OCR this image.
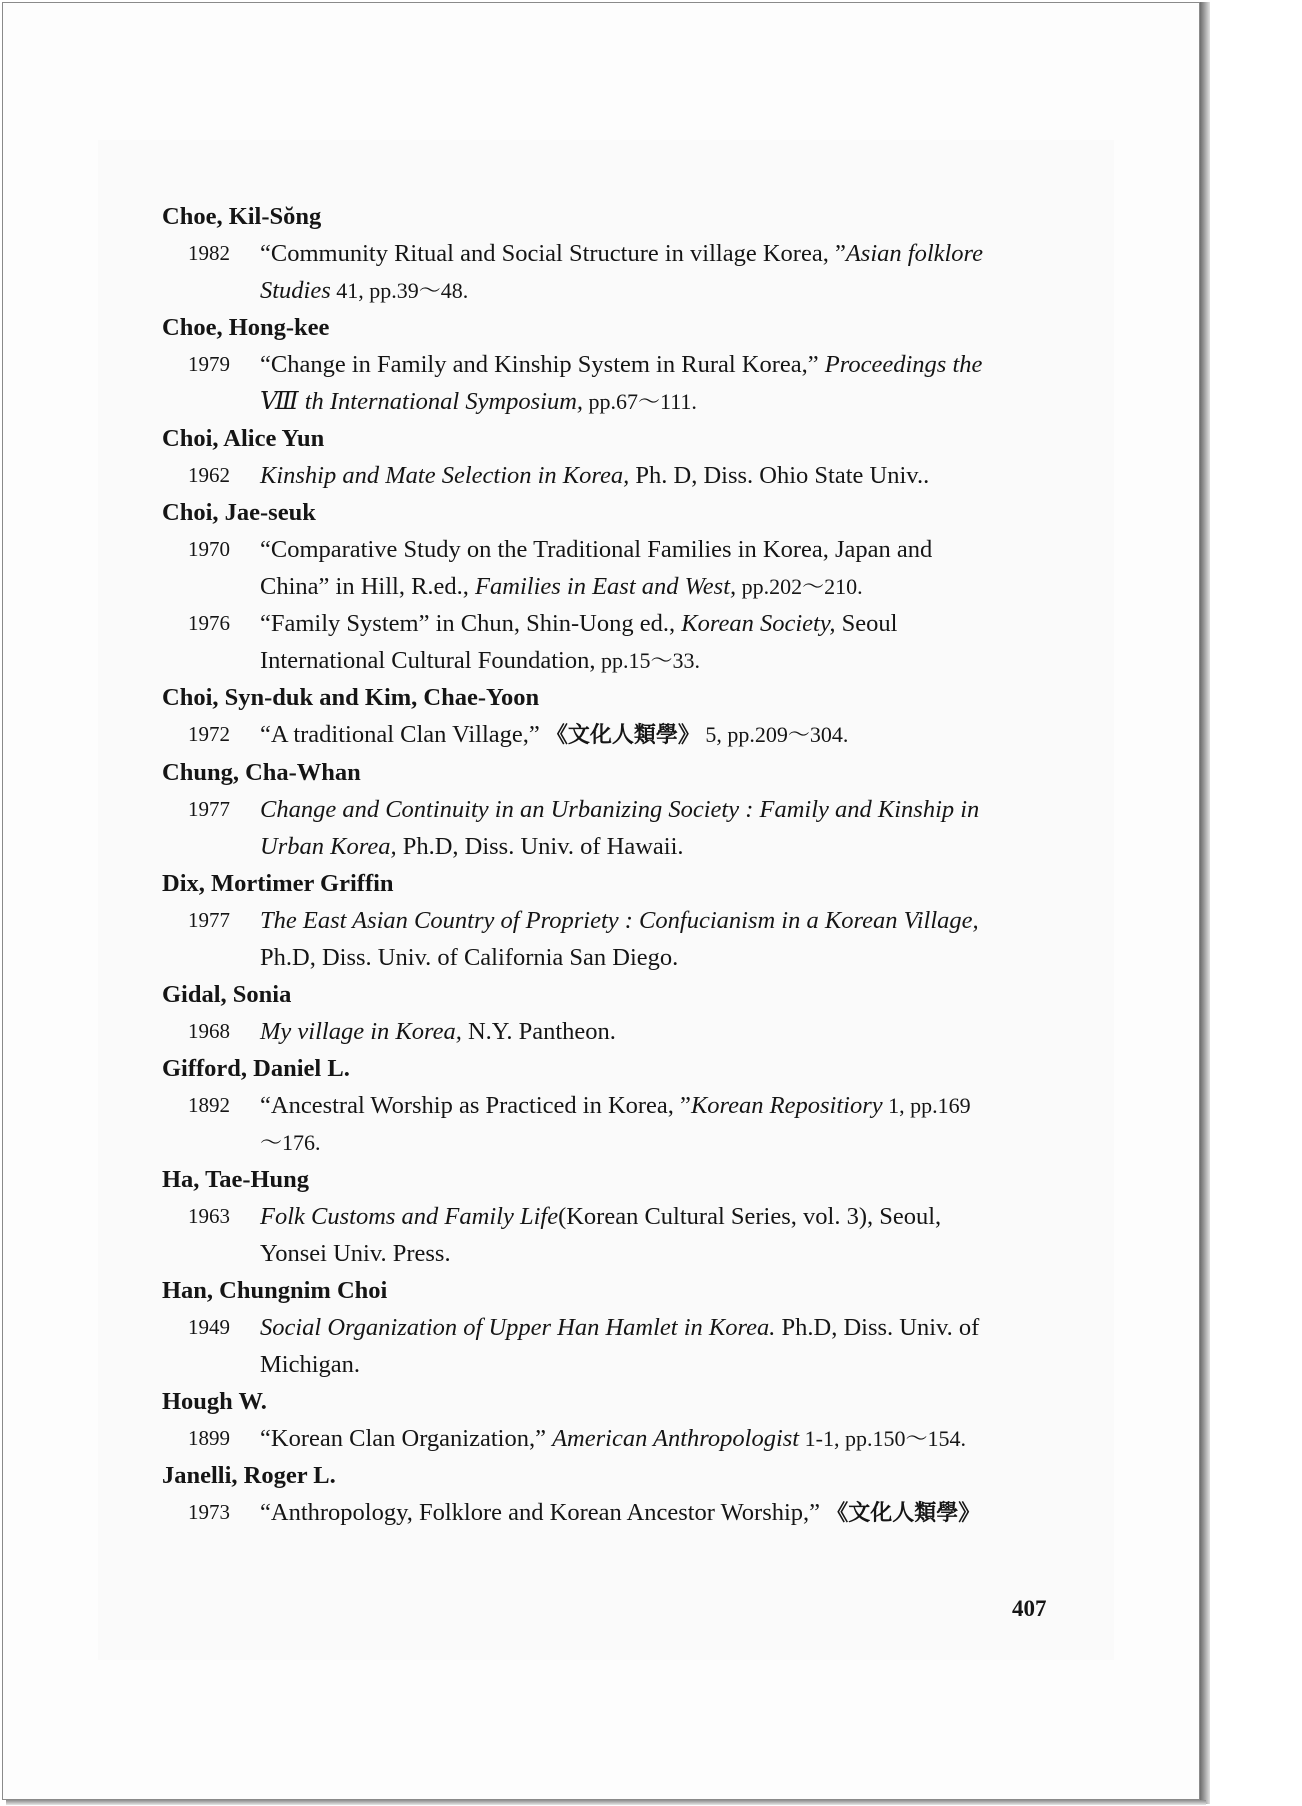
Choe, Kil-Sŏng
1982 “Community Ritual and Social Structure in village Korea, ”Asian folklore
Studies 41, pp.39～48.
Choe, Hong-kee
1979 “Change in Family and Kinship System in Rural Korea,” Proceedings the
Ⅷ th International Symposium, pp.67～111.
Choi, Alice Yun
1962 Kinship and Mate Selection in Korea, Ph. D, Diss. Ohio State Univ..
Choi, Jae-seuk
1970 “Comparative Study on the Traditional Families in Korea, Japan and
China” in Hill, R.ed., Families in East and West, pp.202～210.
1976 “Family System” in Chun, Shin-Uong ed., Korean Society, Seoul
International Cultural Foundation, pp.15～33.
Choi, Syn-duk and Kim, Chae-Yoon
1972 “A traditional Clan Village,” 《文化人類學》 5, pp.209～304.
Chung, Cha-Whan
1977 Change and Continuity in an Urbanizing Society : Family and Kinship in
Urban Korea, Ph.D, Diss. Univ. of Hawaii.
Dix, Mortimer Griffin
1977 The East Asian Country of Propriety : Confucianism in a Korean Village,
Ph.D, Diss. Univ. of California San Diego.
Gidal, Sonia
1968 My village in Korea, N.Y. Pantheon.
Gifford, Daniel L.
1892 “Ancestral Worship as Practiced in Korea, ”Korean Repositiory 1, pp.169
～176.
Ha, Tae-Hung
1963 Folk Customs and Family Life(Korean Cultural Series, vol. 3), Seoul,
Yonsei Univ. Press.
Han, Chungnim Choi
1949 Social Organization of Upper Han Hamlet in Korea. Ph.D, Diss. Univ. of
Michigan.
Hough W.
1899 “Korean Clan Organization,” American Anthropologist 1-1, pp.150～154.
Janelli, Roger L.
1973 “Anthropology, Folklore and Korean Ancestor Worship,” 《文化人類學》
407
